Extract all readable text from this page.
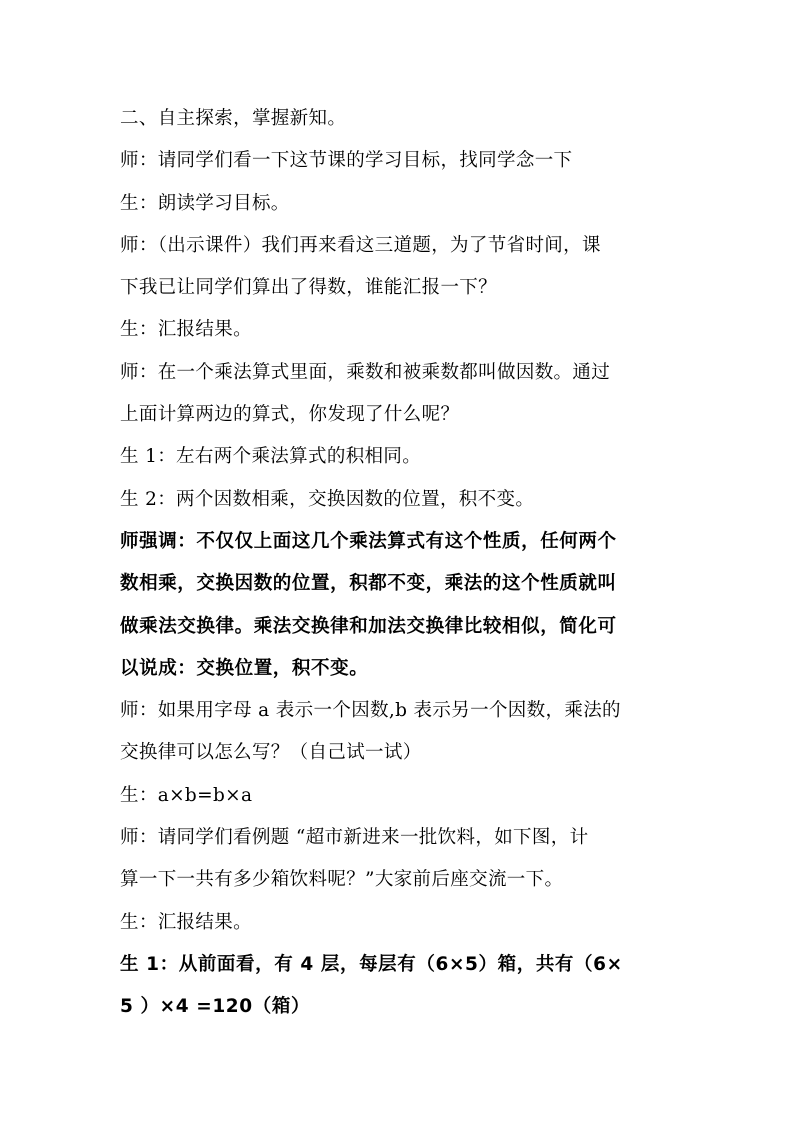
二、自主探索，掌握新知。
师：请同学们看一下这节课的学习目标，找同学念一下
生：朗读学习目标。
师：（出示课件）我们再来看这三道题，为了节省时间，课
下我已让同学们算出了得数，谁能汇报一下？
生：汇报结果。
师：在一个乘法算式里面，乘数和被乘数都叫做因数。通过
上面计算两边的算式，你发现了什么呢？
生 1：左右两个乘法算式的积相同。
生 2：两个因数相乘，交换因数的位置，积不变。
师强调：不仅仅上面这几个乘法算式有这个性质，任何两个
数相乘，交换因数的位置，积都不变，乘法的这个性质就叫
做乘法交换律。乘法交换律和加法交换律比较相似，简化可
以说成：交换位置，积不变。
师：如果用字母 a 表示一个因数,b 表示另一个因数，乘法的
交换律可以怎么写？（自己试一试）
生：a×b=b×a
师：请同学们看例题 “超市新进来一批饮料，如下图，计
算一下一共有多少箱饮料呢？”大家前后座交流一下。
生：汇报结果。
生 1：从前面看，有 4 层，每层有（6×5）箱，共有（6×
5 ）×4 =120（箱）
